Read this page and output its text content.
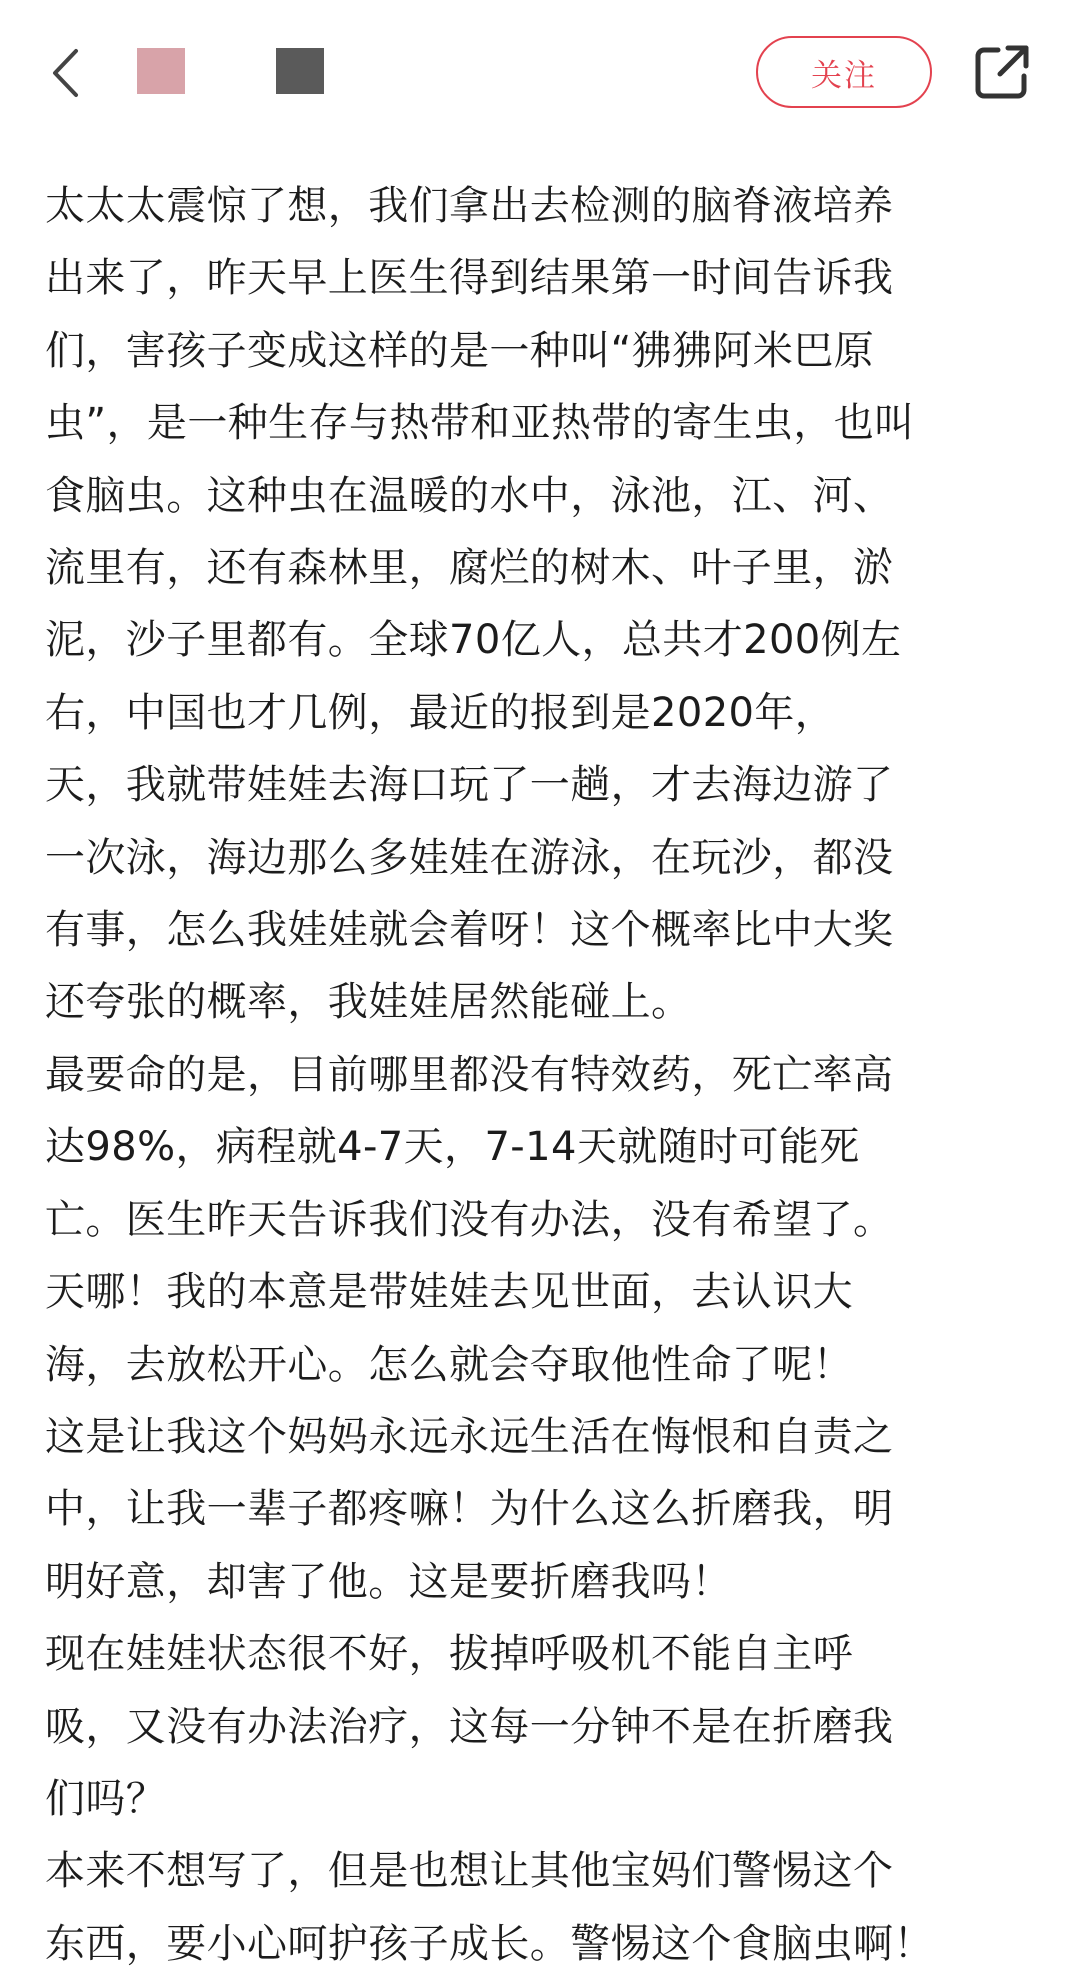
关注

太太太震惊了想，我们拿出去检测的脑脊液培养
出来了，昨天早上医生得到结果第一时间告诉我
们，害孩子变成这样的是一种叫“狒狒阿米巴原
虫”，是一种生存与热带和亚热带的寄生虫，也叫
食脑虫。这种虫在温暖的水中，泳池，江、河、
流里有，还有森林里，腐烂的树木、叶子里，淤
泥，沙子里都有。全球70亿人，总共才200例左
右，中国也才几例，最近的报到是2020年，

天，我就带娃娃去海口玩了一趟，才去海边游了
一次泳，海边那么多娃娃在游泳，在玩沙，都没
有事，怎么我娃娃就会着呀！这个概率比中大奖
还夸张的概率，我娃娃居然能碰上。

最要命的是，目前哪里都没有特效药，死亡率高
达98%，病程就4-7天，7-14天就随时可能死
亡。医生昨天告诉我们没有办法，没有希望了。

天哪！我的本意是带娃娃去见世面，去认识大
海，去放松开心。怎么就会夺取他性命了呢！

这是让我这个妈妈永远永远生活在悔恨和自责之
中，让我一辈子都疼嘛！为什么这么折磨我，明
明好意，却害了他。这是要折磨我吗！

现在娃娃状态很不好，拔掉呼吸机不能自主呼
吸，又没有办法治疗，这每一分钟不是在折磨我
们吗？

本来不想写了，但是也想让其他宝妈们警惕这个
东西，要小心呵护孩子成长。警惕这个食脑虫啊！
